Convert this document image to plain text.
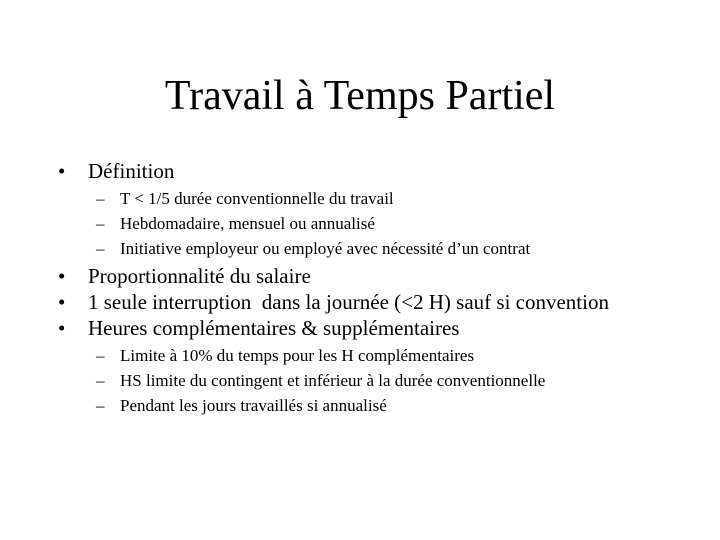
Travail à Temps Partiel
•	Définition
– T < 1/5 durée conventionnelle du travail
– Hebdomadaire, mensuel ou annualisé
– Initiative employeur ou employé avec nécessité d’un contrat
•	Proportionnalité du salaire
•	1 seule interruption  dans la journée (<2 H) sauf si convention
•	Heures complémentaires & supplémentaires
– Limite à 10% du temps pour les H complémentaires
– HS limite du contingent et inférieur à la durée conventionnelle
– Pendant les jours travaillés si annualisé
